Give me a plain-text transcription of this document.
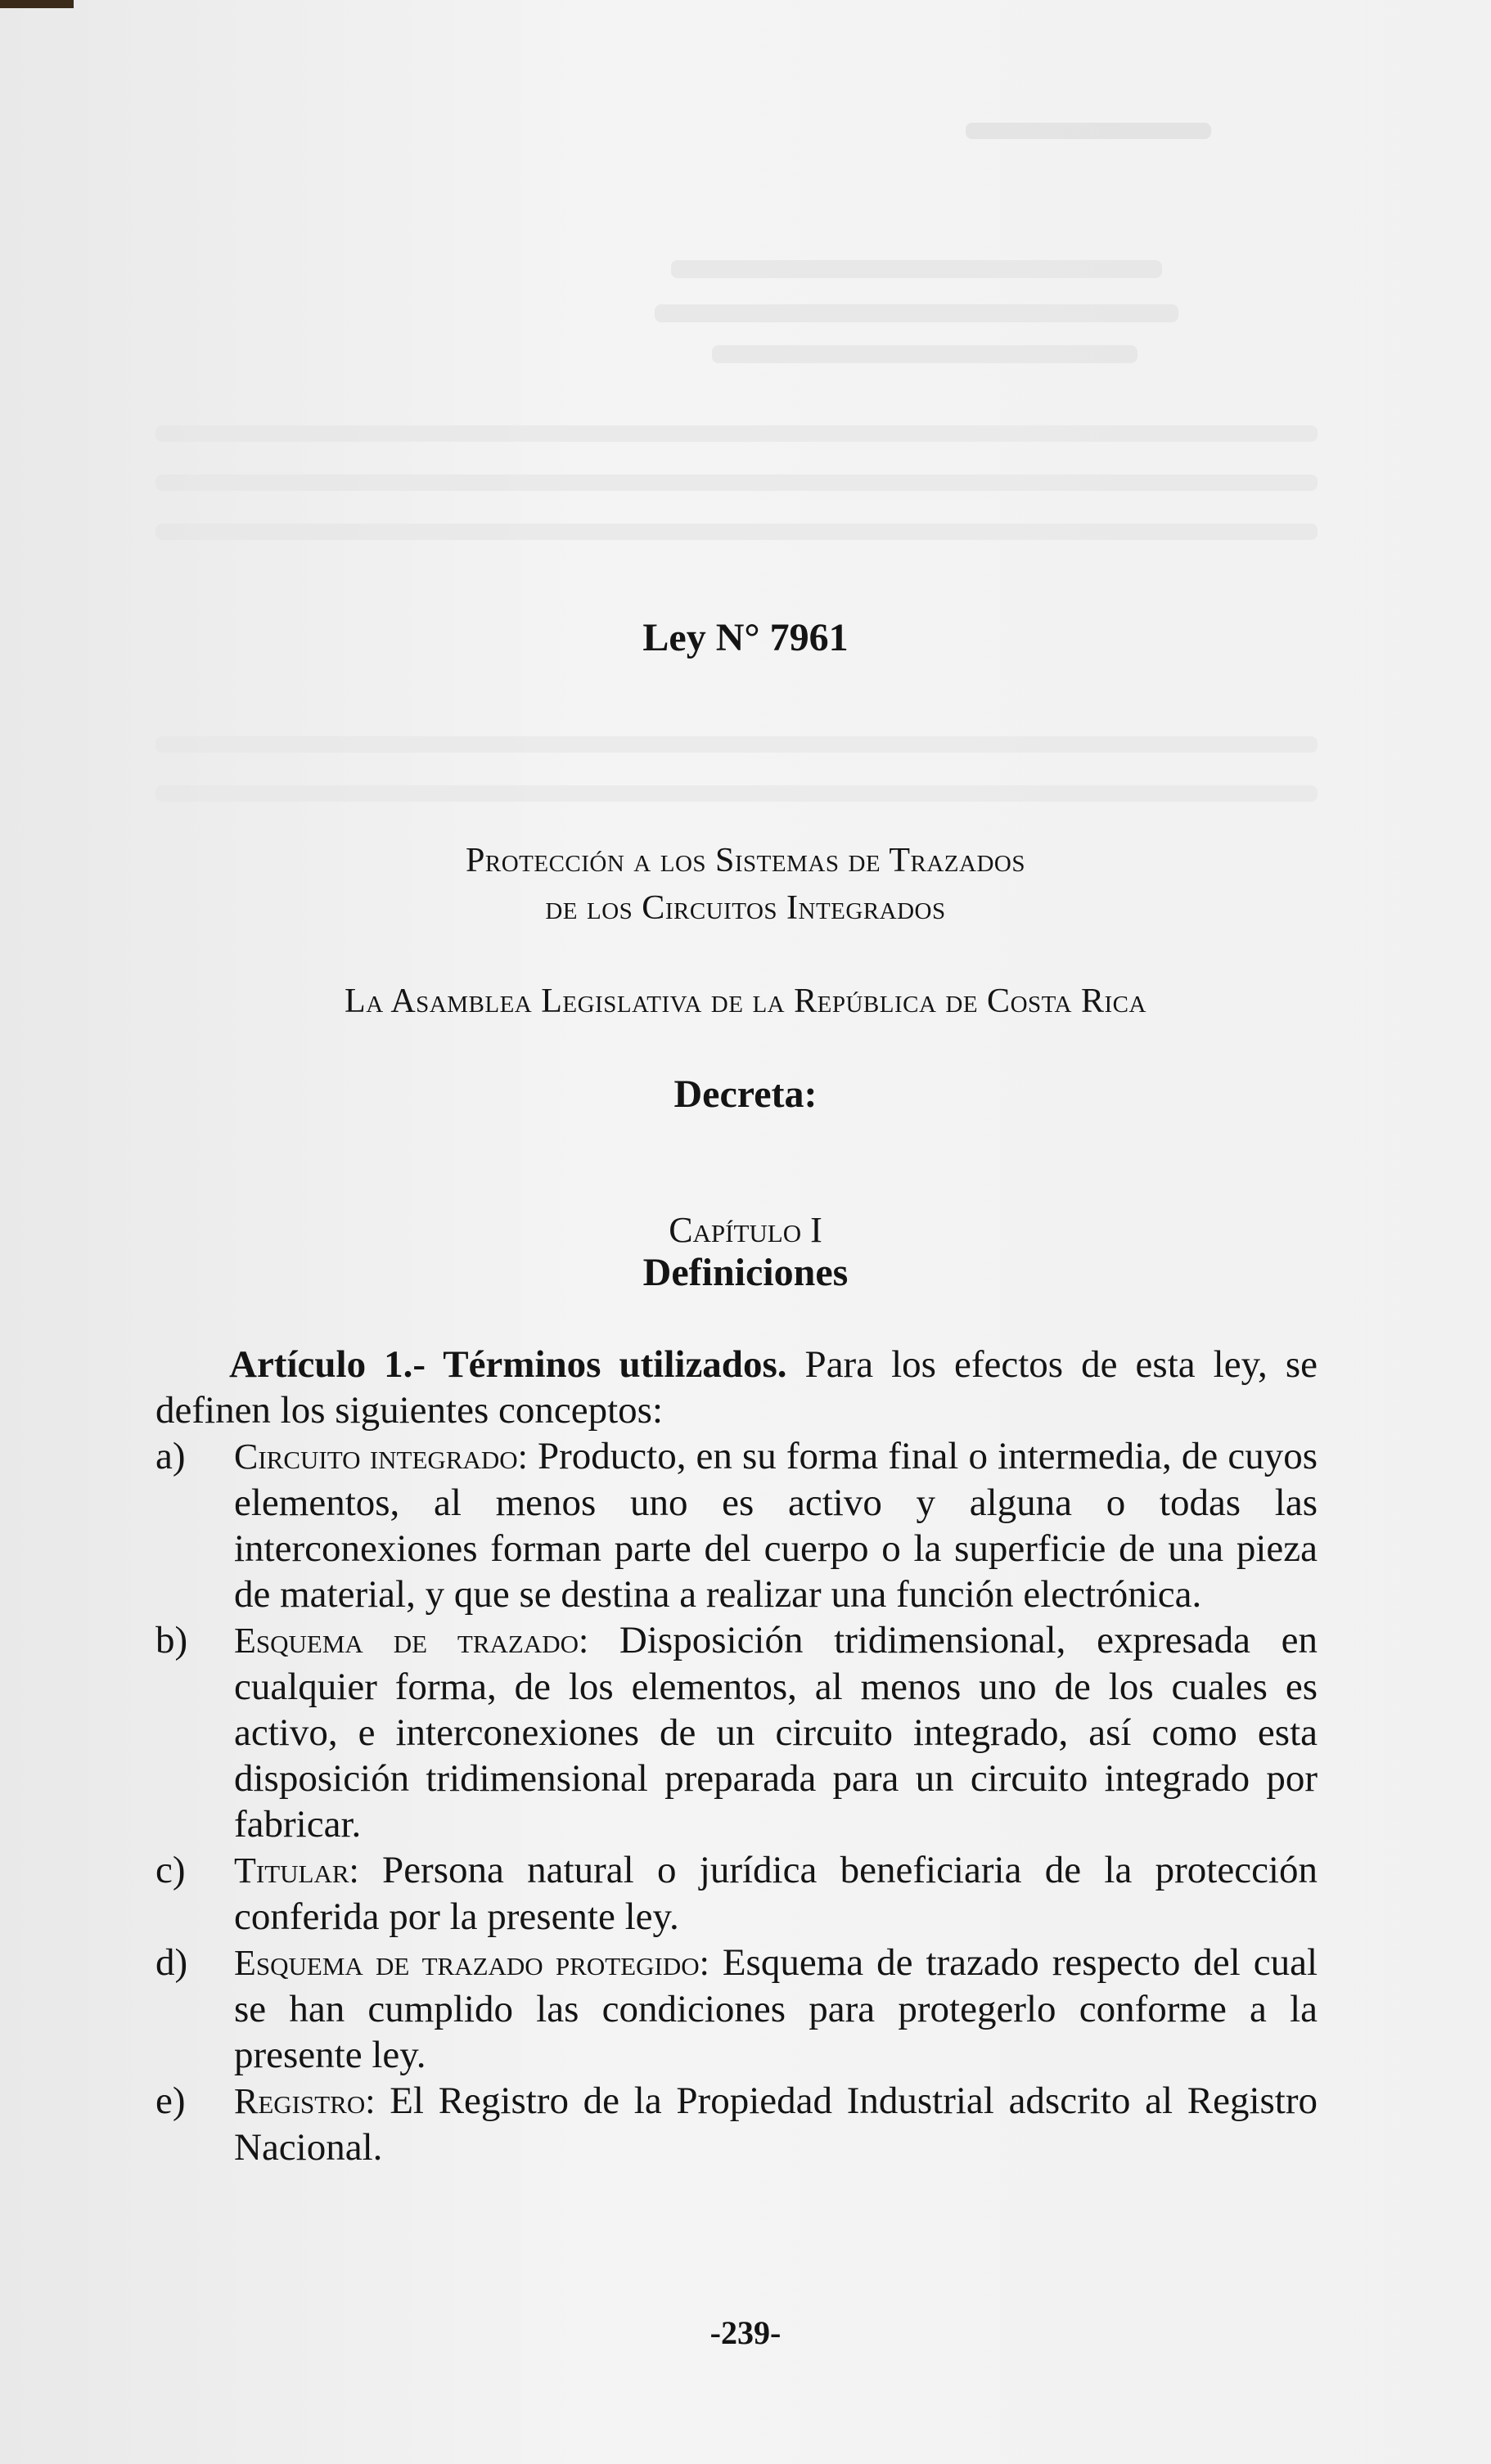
Ley N° 7961
Protección a los Sistemas de Trazados
de los Circuitos Integrados
La Asamblea Legislativa de la República de Costa Rica
Decreta:
Capítulo I
Definiciones
Artículo 1.- Términos utilizados. Para los efectos de esta ley, se definen los siguientes conceptos:
a)	Circuito integrado: Producto, en su forma final o intermedia, de cuyos elementos, al menos uno es activo y alguna o todas las interconexiones forman parte del cuerpo o la superficie de una pieza de material, y que se destina a realizar una función electrónica.
b)	Esquema de trazado: Disposición tridimensional, expresada en cualquier forma, de los elementos, al menos uno de los cuales es activo, e interconexiones de un circuito integrado, así como esta disposición tridimensional preparada para un circuito integrado por fabricar.
c)	Titular: Persona natural o jurídica beneficiaria de la protección conferida por la presente ley.
d)	Esquema de trazado protegido: Esquema de trazado respecto del cual se han cumplido las condiciones para protegerlo conforme a la presente ley.
e)	Registro: El Registro de la Propiedad Industrial adscrito al Registro Nacional.
-239-
